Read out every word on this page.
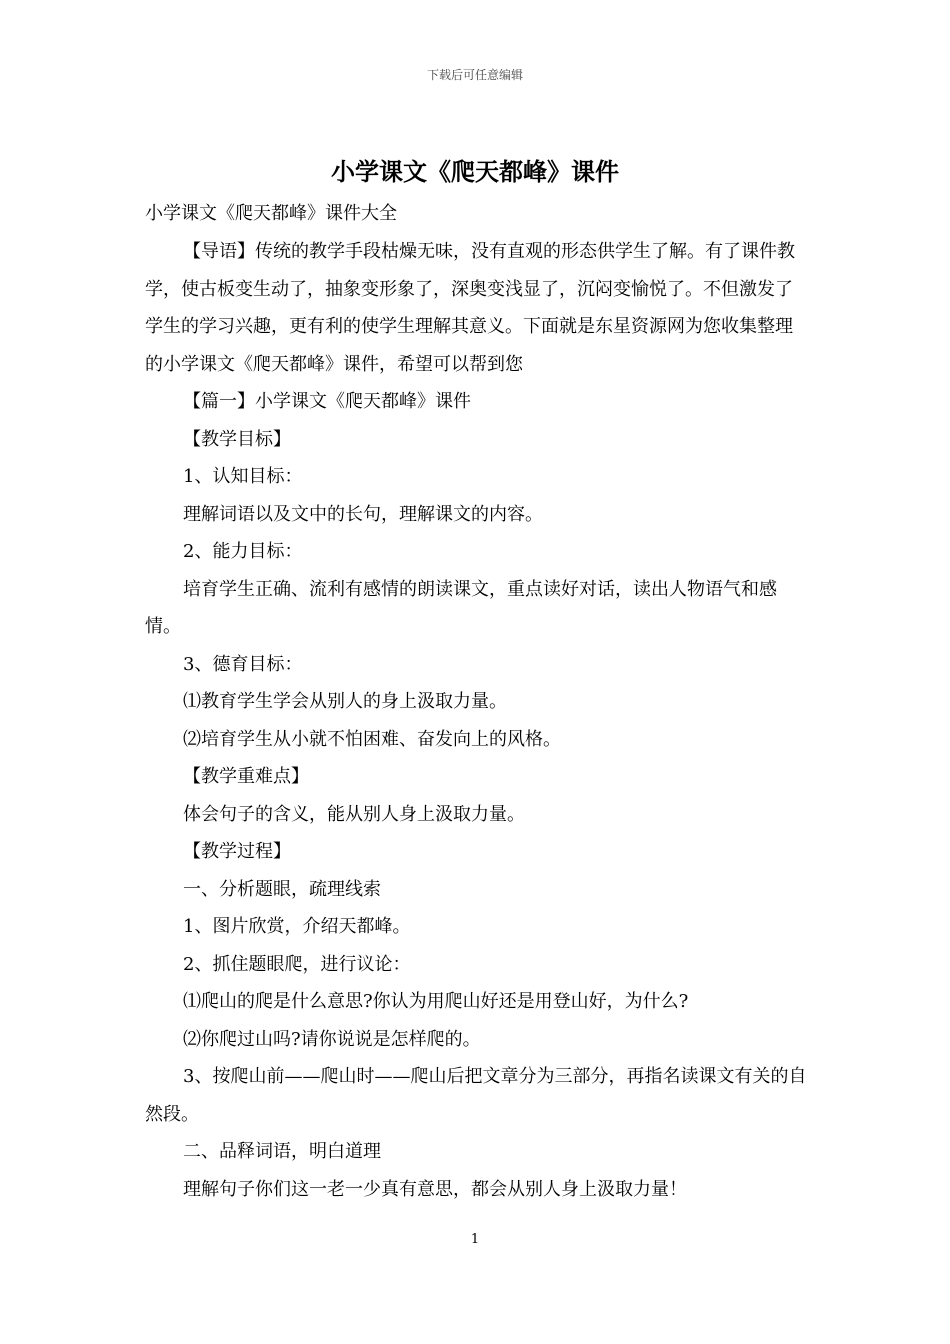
下载后可任意编辑
小学课文《爬天都峰》课件

小学课文《爬天都峰》课件大全

【导语】传统的教学手段枯燥无味，没有直观的形态供学生了解。有了课件教学，使古板变生动了，抽象变形象了，深奥变浅显了，沉闷变愉悦了。不但激发了学生的学习兴趣，更有利的使学生理解其意义。下面就是东星资源网为您收集整理的小学课文《爬天都峰》课件，希望可以帮到您

【篇一】小学课文《爬天都峰》课件

【教学目标】

1、认知目标：

理解词语以及文中的长句，理解课文的内容。

2、能力目标：

培育学生正确、流利有感情的朗读课文，重点读好对话，读出人物语气和感情。

3、德育目标：

⑴教育学生学会从别人的身上汲取力量。

⑵培育学生从小就不怕困难、奋发向上的风格。

【教学重难点】

体会句子的含义，能从别人身上汲取力量。

【教学过程】

一、分析题眼，疏理线索

1、图片欣赏，介绍天都峰。

2、抓住题眼爬，进行议论：

⑴爬山的爬是什么意思?你认为用爬山好还是用登山好，为什么?

⑵你爬过山吗?请你说说是怎样爬的。

3、按爬山前——爬山时——爬山后把文章分为三部分，再指名读课文有关的自然段。

二、品释词语，明白道理

理解句子你们这一老一少真有意思，都会从别人身上汲取力量！

1
